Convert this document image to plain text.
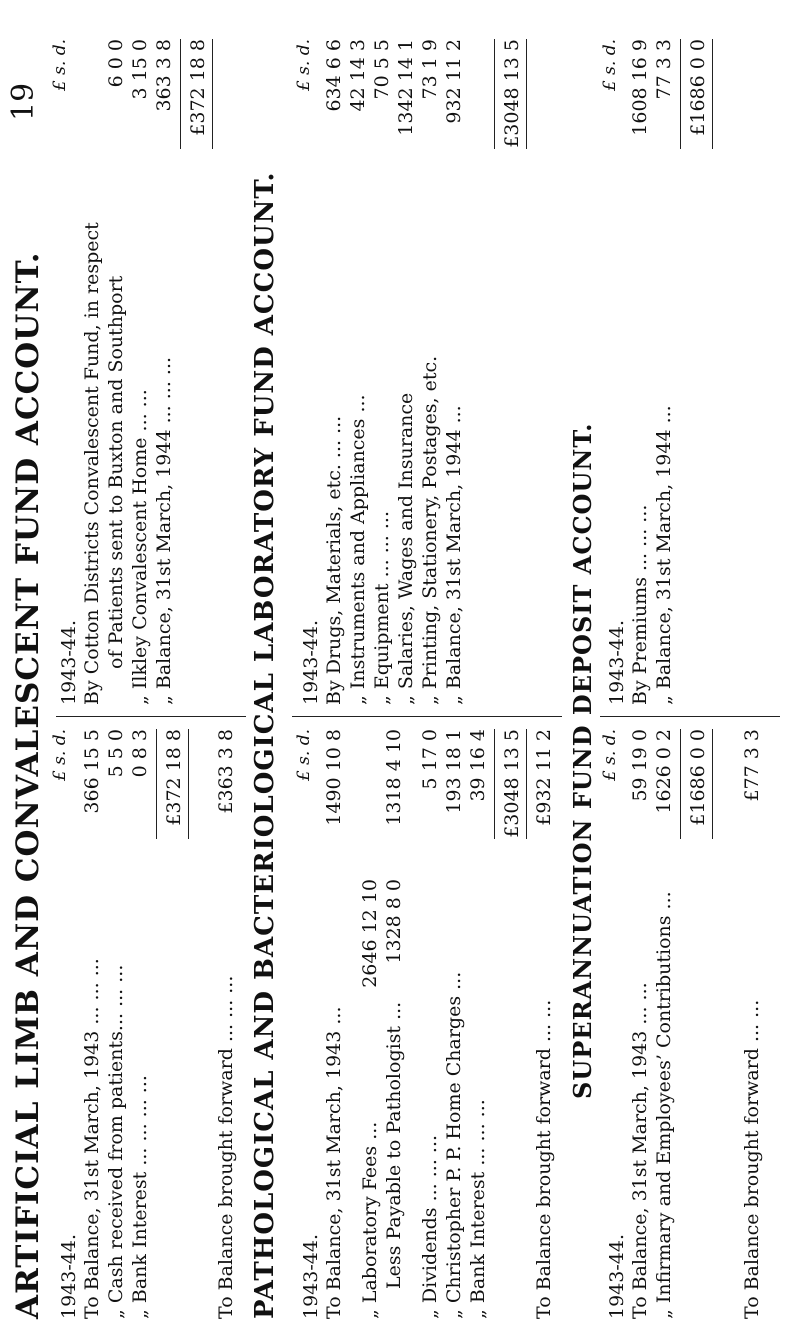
19
ARTIFICIAL LIMB AND CONVALESCENT FUND ACCOUNT. 1943-44. To Balance, 31st March, 1943 ... ... ... „ Cash received from patients... ... ... „ Bank Interest ... ... ... ...
£ s. d. 366 15 5 5 5 0 0 8 3 £372 18 8
To Balance brought forward ... ... ...
£363 3 8
1943-44. By Cotton Districts Convalescent Fund, in respect of Patients sent to Buxton and Southport „ Ilkley Convalescent Home ... ... „ Balance, 31st March, 1944 ... ... ...
£ s. d. 6 0 0 3 15 0 363 3 8 £372 18 8
PATHOLOGICAL AND BACTERIOLOGICAL LABORATORY FUND ACCOUNT. 1943-44. To Balance, 31st March, 1943 ... „ Laboratory Fees ... Less Payable to Pathologist ... „ Dividends ... ... ... „ Christopher P. P. Home Charges ... „ Bank Interest ... ... ...
£ s. d. 1490 10 8
2646 12 10 1328 8 0
1318 4 10 5 17 0 193 18 1 39 16 4 £3048 13 5
To Balance brought forward ... ...
£932 11 2
1943-44. By Drugs, Materials, etc. ... ... „ Instruments and Appliances ... „ Equipment ... ... ... „ Salaries, Wages and Insurance „ Printing, Stationery, Postages, etc. „ Balance, 31st March, 1944 ...
£ s. d. 634 6 6 42 14 3 70 5 5 1342 14 1 73 1 9 932 11 2 £3048 13 5
SUPERANNUATION FUND DEPOSIT ACCOUNT.
1943-44. To Balance, 31st March, 1943 ... ... „ Infirmary and Employees’ Contributions ...
£ s. d. 59 19 0 1626 0 2 £1686 0 0
To Balance brought forward ... ...
£77 3 3
1943-44. By Premiums ... ... ... „ Balance, 31st March, 1944 ...
£ s. d. 1608 16 9 77 3 3 £1686 0 0
